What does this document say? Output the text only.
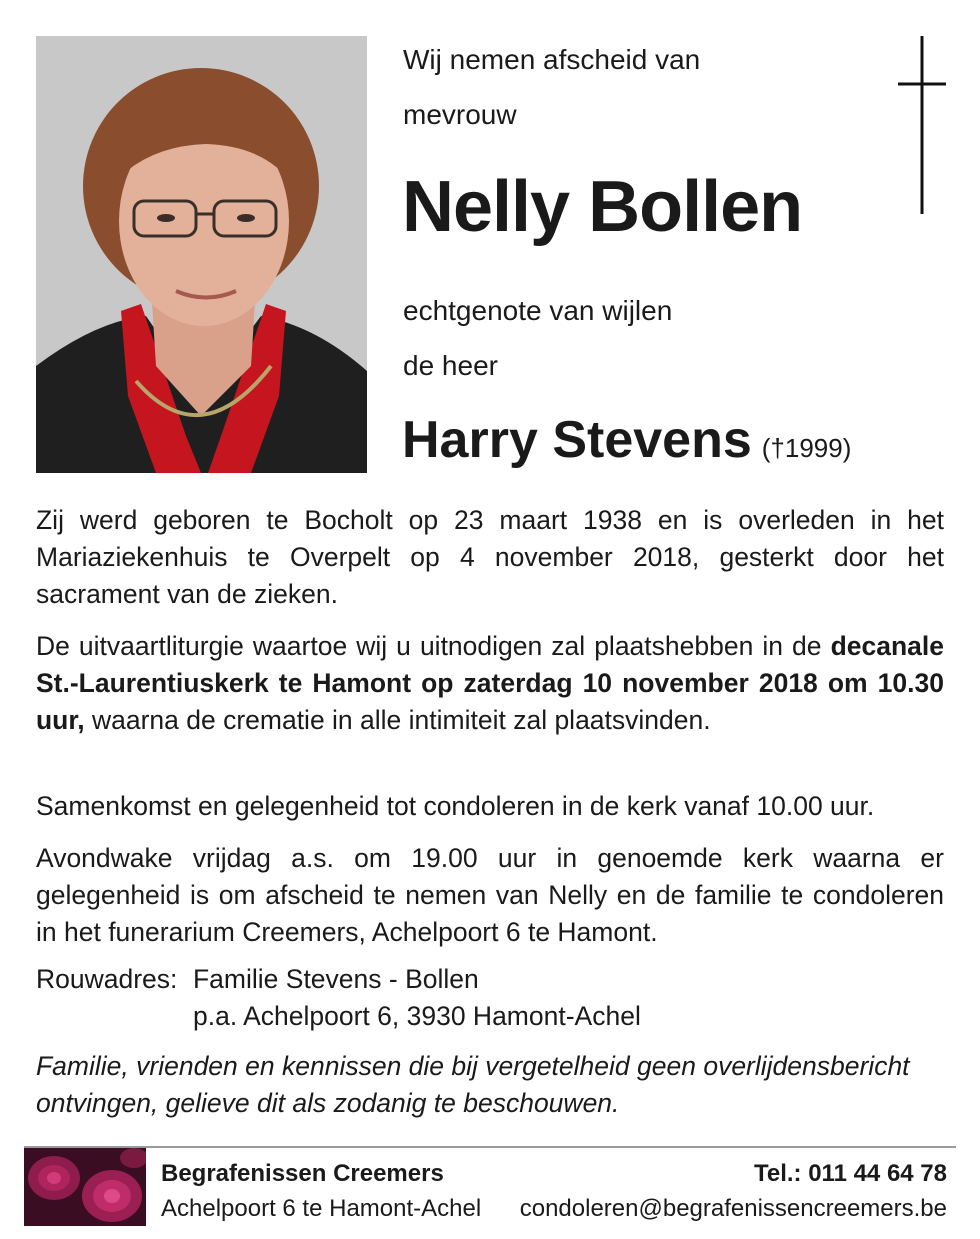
Wij nemen afscheid van
mevrouw
Nelly Bollen
echtgenote van wijlen
de heer
Harry Stevens (†1999)

Zij werd geboren te Bocholt op 23 maart 1938 en is overleden in het Mariaziekenhuis te Overpelt op 4 november 2018, gesterkt door het sacrament van de zieken.

De uitvaartliturgie waartoe wij u uitnodigen zal plaatshebben in de decanale St.-Laurentiuskerk te Hamont op zaterdag 10 november 2018 om 10.30 uur, waarna de crematie in alle intimiteit zal plaatsvinden.

Samenkomst en gelegenheid tot condoleren in de kerk vanaf 10.00 uur.

Avondwake vrijdag a.s. om 19.00 uur in genoemde kerk waarna er gelegenheid is om afscheid te nemen van Nelly en de familie te condoleren in het funerarium Creemers, Achelpoort 6 te Hamont.

Rouwadres: Familie Stevens - Bollen
p.a. Achelpoort 6, 3930 Hamont-Achel
Familie, vrienden en kennissen die bij vergetelheid geen overlijdensbericht ontvingen, gelieve dit als zodanig te beschouwen.
Begrafenissen Creemers
Achelpoort 6 te Hamont-Achel
Tel.: 011 44 64 78
condoleren@begrafenissencreemers.be
